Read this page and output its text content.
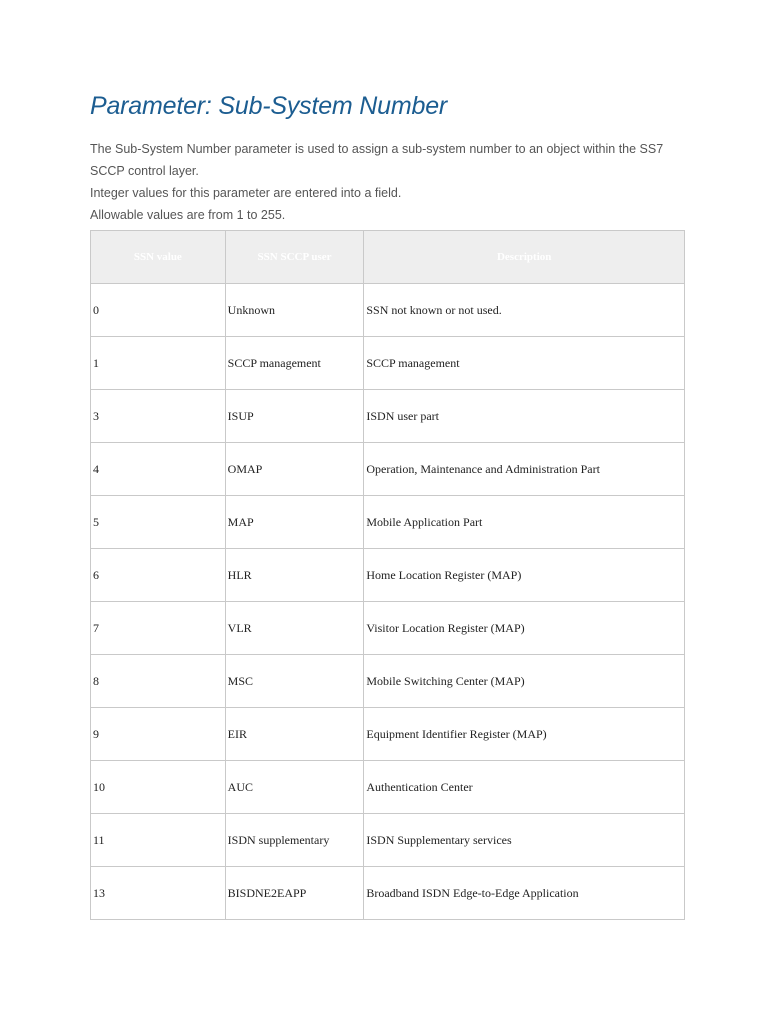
Parameter: Sub-System Number

The Sub-System Number parameter is used to assign a sub-system number to an object within the SS7 SCCP control layer.

Integer values for this parameter are entered into a field.

Allowable values are from 1 to 255.

SSN value	SSN SCCP user	Description
0	Unknown	SSN not known or not used.
1	SCCP management	SCCP management
3	ISUP	ISDN user part
4	OMAP	Operation, Maintenance and Administration Part
5	MAP	Mobile Application Part
6	HLR	Home Location Register (MAP)
7	VLR	Visitor Location Register (MAP)
8	MSC	Mobile Switching Center (MAP)
9	EIR	Equipment Identifier Register (MAP)
10	AUC	Authentication Center
11	ISDN supplementary	ISDN Supplementary services
13	BISDNE2EAPP	Broadband ISDN Edge-to-Edge Application
